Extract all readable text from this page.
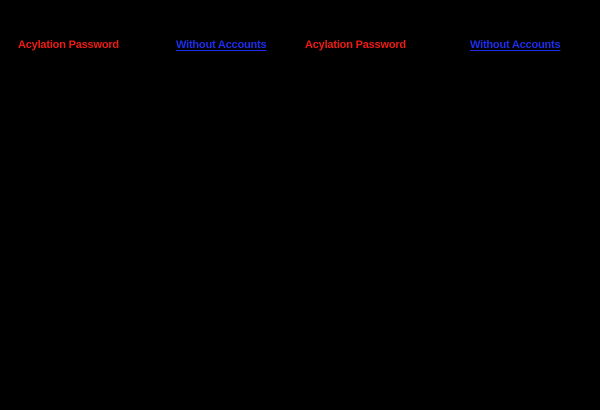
Acylation Password	Without Accounts	Acylation Password	Without Accounts
